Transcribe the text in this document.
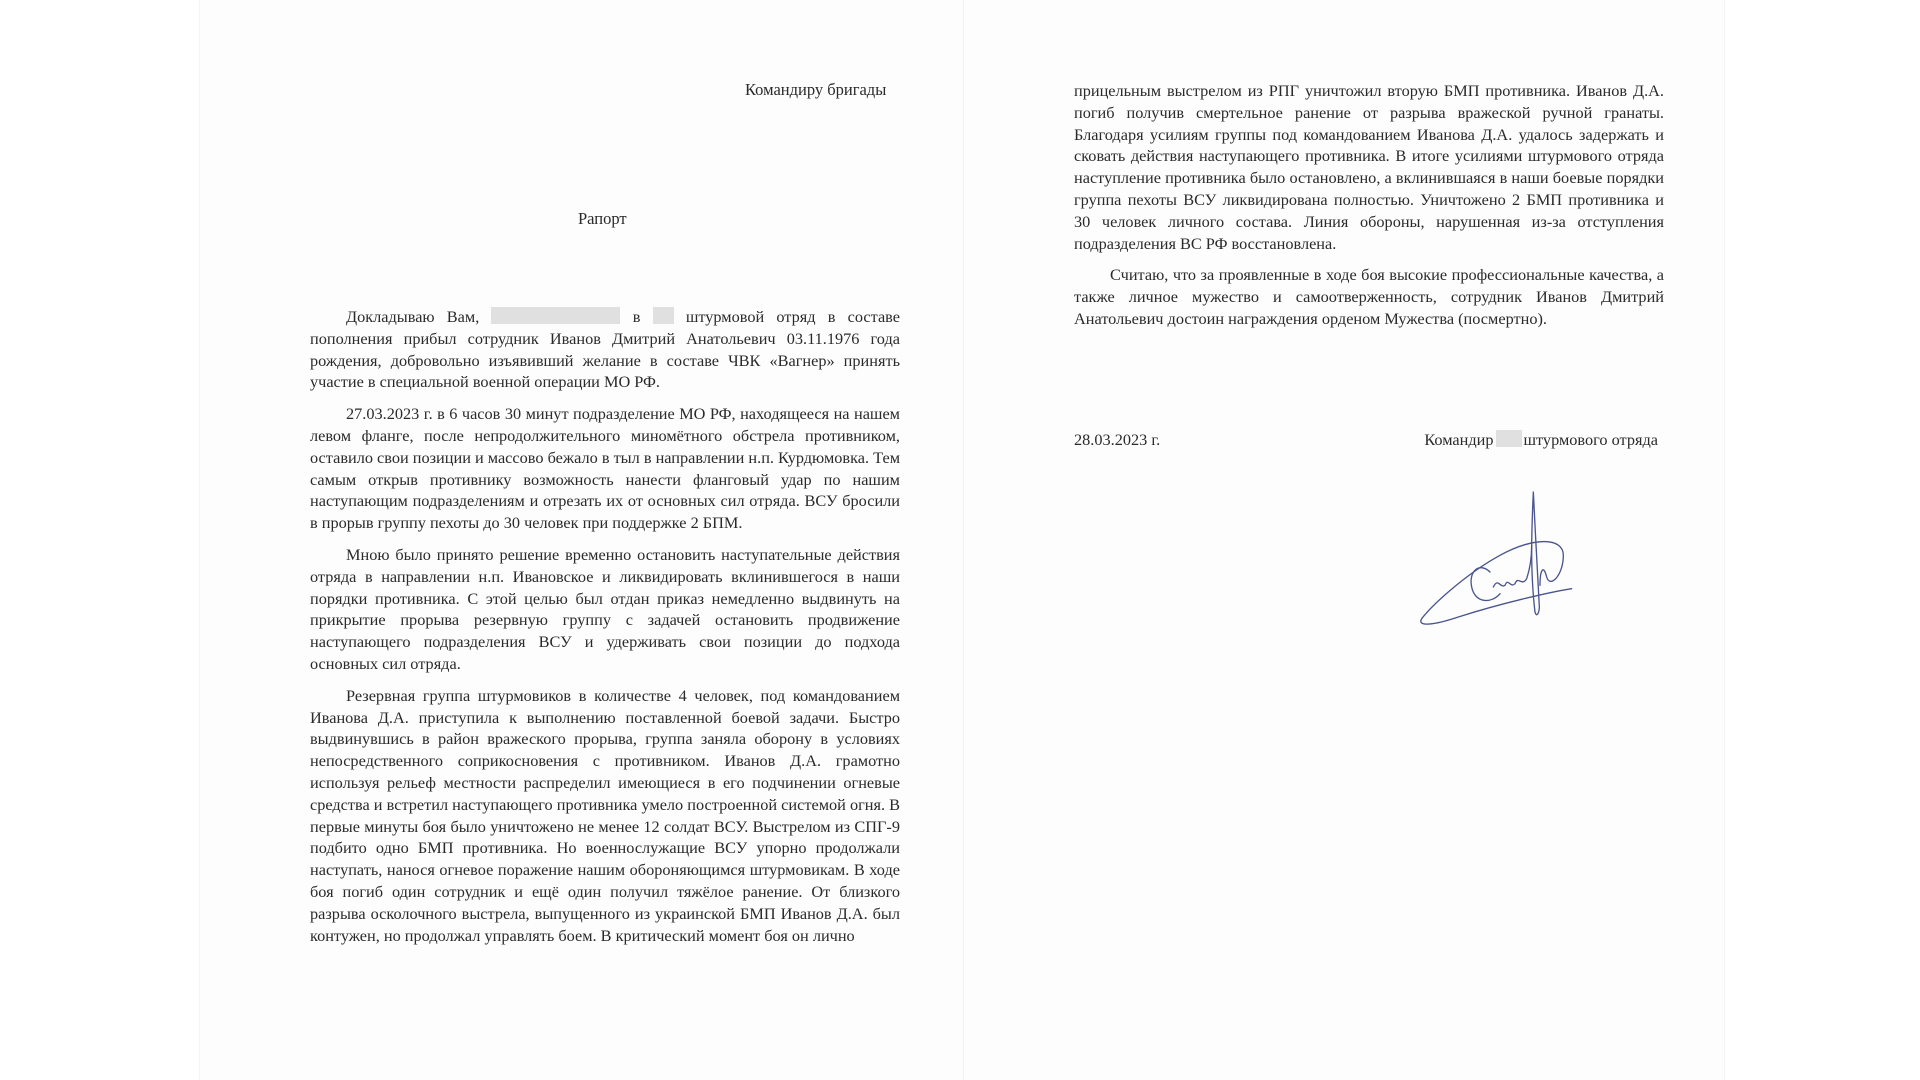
Командиру бригады
Рапорт

Докладываю Вам,	в	штурмовой отряд в составе пополнения прибыл сотрудник Иванов Дмитрий Анатольевич 03.11.1976 года рождения, добровольно изъявивший желание в составе ЧВК «Вагнер» принять участие в специальной военной операции МО РФ.

27.03.2023 г. в 6 часов 30 минут подразделение МО РФ, находящееся на нашем левом фланге, после непродолжительного миномётного обстрела противником, оставило свои позиции и массово бежало в тыл в направлении н.п. Курдюмовка. Тем самым открыв противнику возможность нанести фланговый удар по нашим наступающим подразделениям и отрезать их от основных сил отряда. ВСУ бросили в прорыв группу пехоты до 30 человек при поддержке 2 БПМ.

Мною было принято решение временно остановить наступательные действия отряда в направлении н.п. Ивановское и ликвидировать вклинившегося в наши порядки противника. С этой целью был отдан приказ немедленно выдвинуть на прикрытие прорыва резервную группу с задачей остановить продвижение наступающего подразделения ВСУ и удерживать свои позиции до подхода основных сил отряда.

Резервная группа штурмовиков в количестве 4 человек, под командованием Иванова Д.А. приступила к выполнению поставленной боевой задачи. Быстро выдвинувшись в район вражеского прорыва, группа заняла оборону в условиях непосредственного соприкосновения с противником. Иванов Д.А. грамотно используя рельеф местности распределил имеющиеся в его подчинении огневые средства и встретил наступающего противника умело построенной системой огня. В первые минуты боя было уничтожено не менее 12 солдат ВСУ. Выстрелом из СПГ-9 подбито одно БМП противника. Но военнослужащие ВСУ упорно продолжали наступать, нанося огневое поражение нашим обороняющимся штурмовикам. В ходе боя погиб один сотрудник и ещё один получил тяжёлое ранение. От близкого разрыва осколочного выстрела, выпущенного из украинской БМП Иванов Д.А. был контужен, но продолжал управлять боем. В критический момент боя он лично

прицельным выстрелом из РПГ уничтожил вторую БМП противника. Иванов Д.А. погиб получив смертельное ранение от разрыва вражеской ручной гранаты. Благодаря усилиям группы под командованием Иванова Д.А. удалось задержать и сковать действия наступающего противника. В итоге усилиями штурмового отряда наступление противника было остановлено, а вклинившаяся в наши боевые порядки группа пехоты ВСУ ликвидирована полностью. Уничтожено 2 БМП противника и 30 человек личного состава. Линия обороны, нарушенная из-за отступления подразделения ВС РФ восстановлена.

Считаю, что за проявленные в ходе боя высокие профессиональные качества, а также личное мужество и самоотверженность, сотрудник Иванов Дмитрий Анатольевич достоин награждения орденом Мужества (посмертно).

28.03.2023 г.	Командир штурмового отряда
